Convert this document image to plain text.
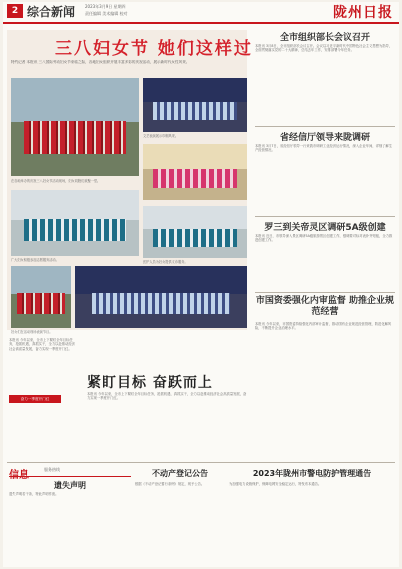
2 综合新闻 2023年3月9日 星期四
责任编辑 美术编辑 校对	陇州日报
三八妇女节 她们这样过
特约记者 本报讯 三八国际劳动妇女节来临之际，各地妇女组织开展丰富多彩的庆祝活动，展示新时代女性风采。
文艺表演展示巾帼风采。
在各地举办的庆祝三八妇女节活动现场，妇女同胞们欢聚一堂。
广大妇女积极参加志愿服务活动。	医护人员为妇女提供义诊服务。
妇女们在活动现场表演节目。
全市组织部长会议召开
本报讯 3月8日，全市组织部长会议召开。会议以习近平新时代中国特色社会主义思想为指导，全面贯彻落实党的二十大精神，总结去年工作，安排部署今年任务。
省经信厅领导来陇调研
本报讯 3月7日，省经信厅领导一行来我市调研工业经济运行情况，深入企业车间，详细了解生产经营情况。
罗三到关帝灵区调研5A级创建
本报讯 近日，市领导深入景区调研5A级旅游景区创建工作，强调要对标对表补齐短板，全力推进创建工作。
市国资委强化内审监督 助推企业规范经营
本报讯 今年以来，市国资委持续强化内部审计监督，推动国有企业规范经营管理，防范化解风险，不断提升企业治理水平。
奋力一季度开门红
本报讯 今年以来，全市上下紧盯全年目标任务，抢抓机遇，真抓实干，全力以赴推动经济社会高质量发展，奋力实现一季度开门红。
紧盯目标 奋跃而上
本报讯 今年以来，全市上下紧盯全年目标任务，抢抓机遇，真抓实干，全力以赴推动经济社会高质量发展，奋力实现一季度开门红。
信息
服务热线
遗失声明
遗失声明若干条，特此声明作废。
不动产登记公告
根据《不动产登记暂行条例》规定，现予公告。
2023年陇州市警电防护管理通告
为加强电力设施保护，保障电网安全稳定运行，特发布本通告。
